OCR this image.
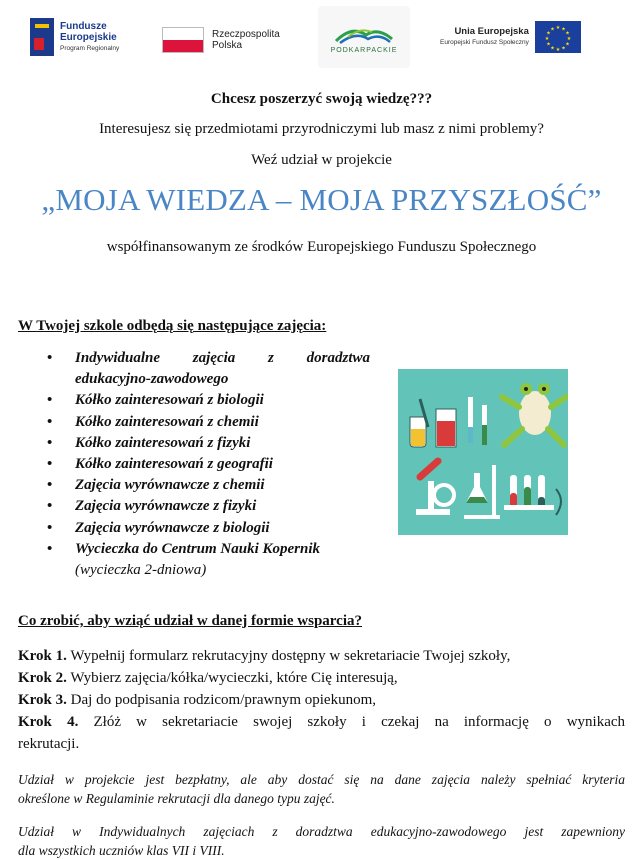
Fundusze
Europejskie
Program Regionalny
Rzeczpospolita
Polska	PODKARPACKIE
Unia Europejska
Europejski Fundusz Społeczny
★ ★
★
★
★
★
★
★
★
★
★
★
Chcesz poszerzyć swoją wiedzę???
Interesujesz się przedmiotami przyrodniczymi lub masz z nimi problemy?
Weź udział w projekcie
„MOJA WIEDZA – MOJA PRZYSZŁOŚĆ”
współfinansowanym ze środków Europejskiego Funduszu Społecznego
W Twojej szkole odbędą się następujące zajęcia:
• Indywidualne zajęcia z doradztwa
edukacyjno-zawodowego
• Kółko zainteresowań z biologii
• Kółko zainteresowań z chemii
• Kółko zainteresowań z fizyki
• Kółko zainteresowań z geografii
• Zajęcia wyrównawcze z chemii
• Zajęcia wyrównawcze z fizyki
• Zajęcia wyrównawcze z biologii
• Wycieczka do Centrum Nauki Kopernik
(wycieczka 2-dniowa)
Co zrobić, aby wziąć udział w danej formie wsparcia?
Krok 1. Wypełnij formularz rekrutacyjny dostępny w sekretariacie Twojej szkoły,
Krok 2. Wybierz zajęcia/kółka/wycieczki, które Cię interesują,
Krok 3. Daj do podpisania rodzicom/prawnym opiekunom,
Krok 4. Złóż w sekretariacie swojej szkoły i czekaj na informację o wynikach
rekrutacji.
Udział w projekcie jest bezpłatny, ale aby dostać się na dane zajęcia należy spełniać kryteria
określone w Regulaminie rekrutacji dla danego typu zajęć.
Udział w Indywidualnych zajęciach z doradztwa edukacyjno-zawodowego jest zapewniony
dla wszystkich uczniów klas VII i VIII.
